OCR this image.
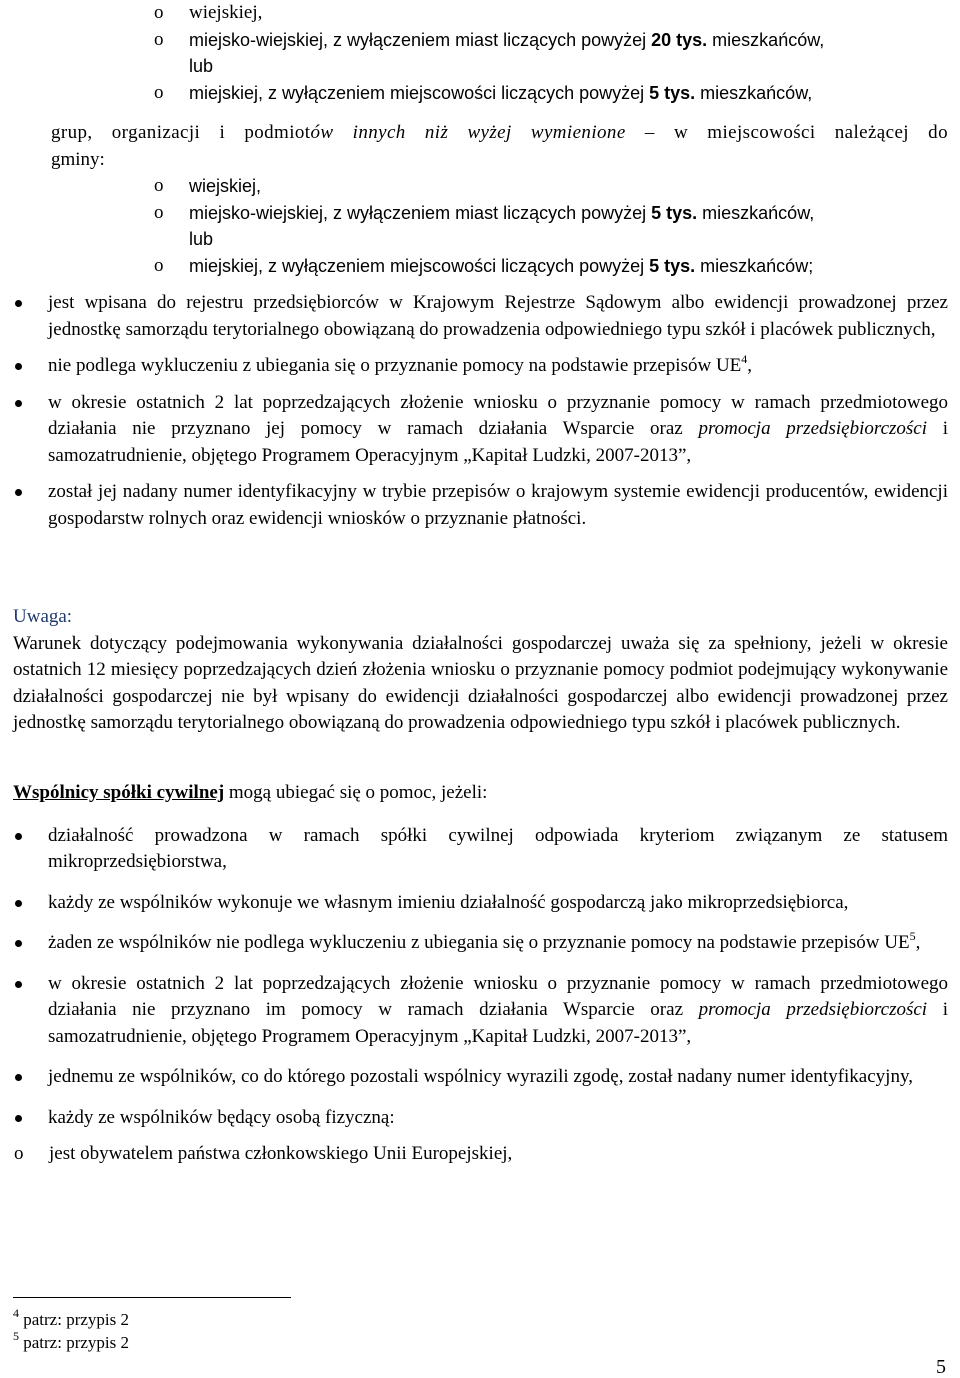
o wiejskiej,
o miejsko-wiejskiej, z wyłączeniem miast liczących powyżej 20 tys. mieszkańców,
lub
o miejskiej, z wyłączeniem miejscowości liczących powyżej 5 tys. mieszkańców,
grup, organizacji i podmiotów innych niż wyżej wymienione – w miejscowości należącej do
gminy:
o wiejskiej,
o miejsko-wiejskiej, z wyłączeniem miast liczących powyżej 5 tys. mieszkańców,
lub
o miejskiej, z wyłączeniem miejscowości liczących powyżej 5 tys. mieszkańców;
jest wpisana do rejestru przedsiębiorców w Krajowym Rejestrze Sądowym albo ewidencji prowadzonej przez jednostkę samorządu terytorialnego obowiązaną do prowadzenia odpowiedniego typu szkół i placówek publicznych,
nie podlega wykluczeniu z ubiegania się o przyznanie pomocy na podstawie przepisów $UE^4$,
w okresie ostatnich 2 lat poprzedzających złożenie wniosku o przyznanie pomocy w ramach przedmiotowego działania nie przyznano jej pomocy w ramach działania Wsparcie oraz promocja przedsiębiorczości i samozatrudnienie, objętego Programem Operacyjnym „Kapitał Ludzki, 2007-2013”,
został jej nadany numer identyfikacyjny w trybie przepisów o krajowym systemie ewidencji producentów, ewidencji gospodarstw rolnych oraz ewidencji wniosków o przyznanie płatności.
Uwaga:
Warunek dotyczący podejmowania wykonywania działalności gospodarczej uważa się za spełniony, jeżeli w okresie ostatnich 12 miesięcy poprzedzających dzień złożenia wniosku o przyznanie pomocy podmiot podejmujący wykonywanie działalności gospodarczej nie był wpisany do ewidencji działalności gospodarczej albo ewidencji prowadzonej przez jednostkę samorządu terytorialnego obowiązaną do prowadzenia odpowiedniego typu szkół i placówek publicznych.
Wspólnicy spółki cywilnej mogą ubiegać się o pomoc, jeżeli:
działalność prowadzona w ramach spółki cywilnej odpowiada kryteriom związanym ze statusem mikroprzedsiębiorstwa,
każdy ze wspólników wykonuje we własnym imieniu działalność gospodarczą jako mikroprzedsiębiorca,
żaden ze wspólników nie podlega wykluczeniu z ubiegania się o przyznanie pomocy na podstawie przepisów $UE^5$,
w okresie ostatnich 2 lat poprzedzających złożenie wniosku o przyznanie pomocy w ramach przedmiotowego działania nie przyznano im pomocy w ramach działania Wsparcie oraz promocja przedsiębiorczości i samozatrudnienie, objętego Programem Operacyjnym „Kapitał Ludzki, 2007-2013”,
jednemu ze wspólników, co do którego pozostali wspólnicy wyrazili zgodę, został nadany numer identyfikacyjny,
każdy ze wspólników będący osobą fizyczną:
o jest obywatelem państwa członkowskiego Unii Europejskiej,
$^4$ patrz: przypis 2
$^5$ patrz: przypis 2
5
